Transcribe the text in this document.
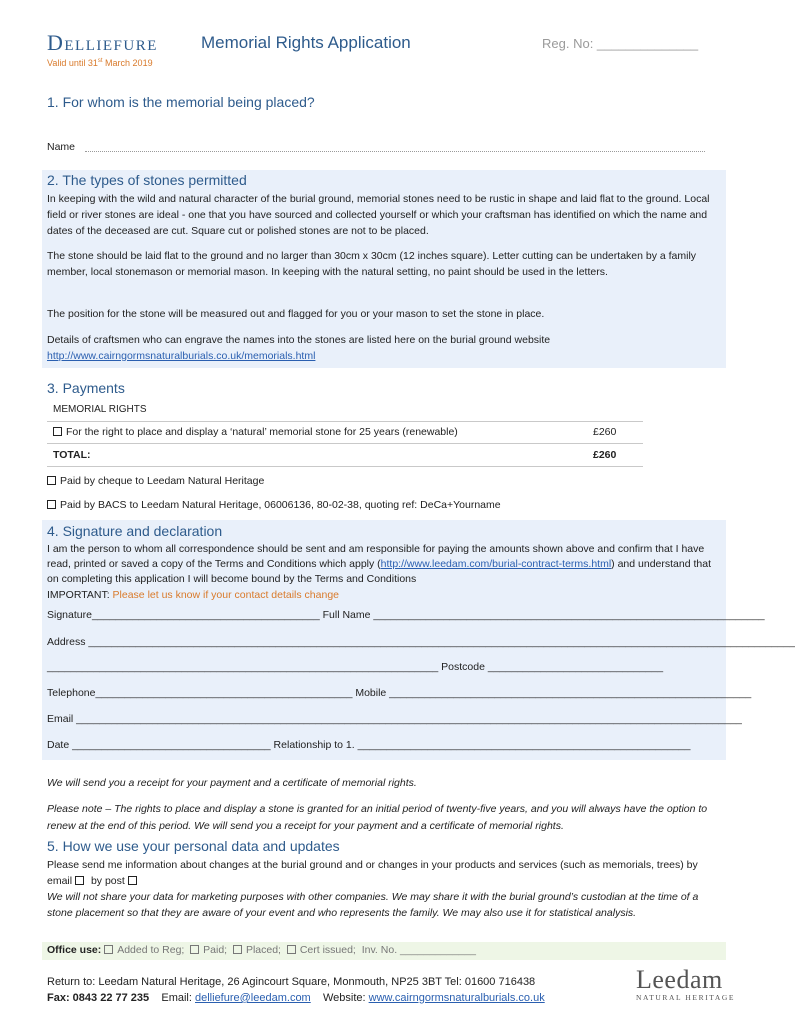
Delliefure	Memorial Rights Application	Reg. No: ______________
Valid until 31st March 2019
1. For whom is the memorial being placed?
Name
2. The types of stones permitted
In keeping with the wild and natural character of the burial ground, memorial stones need to be rustic in shape and laid flat to the ground. Local field or river stones are ideal - one that you have sourced and collected yourself or which your craftsman has identified on which the name and dates of the deceased are cut. Square cut or polished stones are not to be placed.
The stone should be laid flat to the ground and no larger than 30cm x 30cm (12 inches square). Letter cutting can be undertaken by a family member, local stonemason or memorial mason. In keeping with the natural setting, no paint should be used in the letters.
The position for the stone will be measured out and flagged for you or your mason to set the stone in place.
Details of craftsmen who can engrave the names into the stones are listed here on the burial ground website
http://www.cairngormsnaturalburials.co.uk/memorials.html
3. Payments
MEMORIAL RIGHTS
For the right to place and display a ‘natural’ memorial stone for 25 years (renewable)	£260
TOTAL:	£260
Paid by cheque to Leedam Natural Heritage
Paid by BACS to Leedam Natural Heritage, 06006136, 80-02-38, quoting ref: DeCa+Yourname
4. Signature and declaration
I am the person to whom all correspondence should be sent and am responsible for paying the amounts shown above and confirm that I have read, printed or saved a copy of the Terms and Conditions which apply (http://www.leedam.com/burial-contract-terms.html) and understand that on completing this application I will become bound by the Terms and Conditions
IMPORTANT: Please let us know if your contact details change
Signature_______________________________________ Full Name ___________________________________________________________________
Address _________________________________________________________________________________________________________________________
___________________________________________________________________ Postcode ______________________________
Telephone____________________________________________ Mobile ______________________________________________________________
Email __________________________________________________________________________________________________________________
Date __________________________________ Relationship to 1. _________________________________________________________
We will send you a receipt for your payment and a certificate of memorial rights.
Please note – The rights to place and display a stone is granted for an initial period of twenty-five years, and you will always have the option to renew at the end of this period. We will send you a receipt for your payment and a certificate of memorial rights.
5. How we use your personal data and updates
Please send me information about changes at the burial ground and or changes in your products and services (such as memorials, trees) by email by post
We will not share your data for marketing purposes with other companies. We may share it with the burial ground’s custodian at the time of a stone placement so that they are aware of your event and who represents the family. We may also use it for statistical analysis.
Office use: Added to Reg; Paid; Placed; Cert issued; Inv. No. _____________
Return to: Leedam Natural Heritage, 26 Agincourt Square, Monmouth, NP25 3BT Tel: 01600 716438
Fax: 0843 22 77 235 Email: delliefure@leedam.com Website: www.cairngormsnaturalburials.co.uk
Leedam
NATURAL HERITAGE
